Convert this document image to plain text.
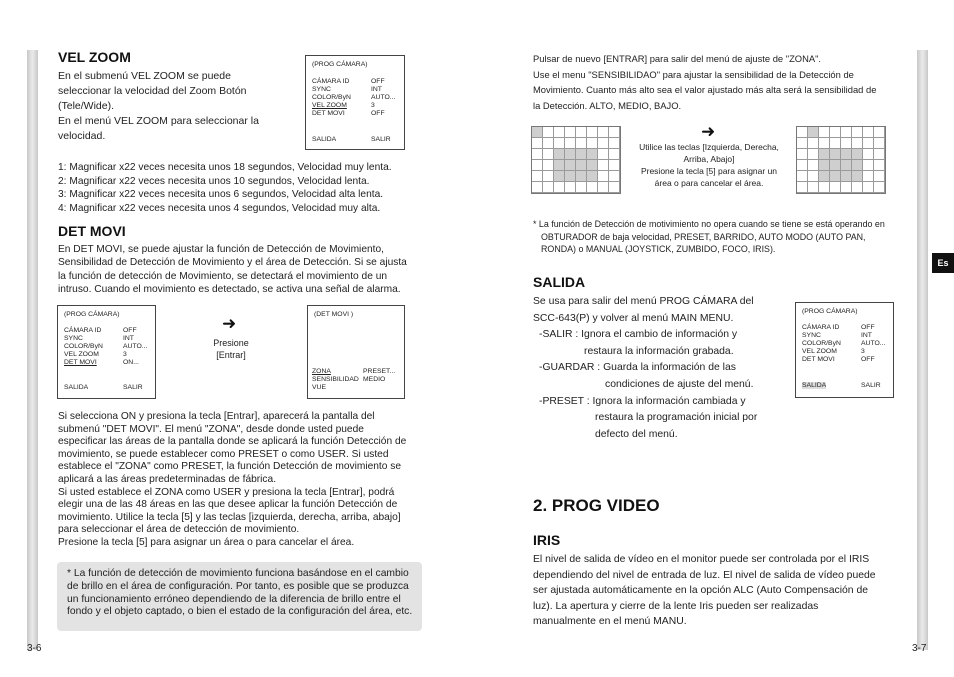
VEL ZOOM

En el submenú VEL ZOOM se puede

seleccionar la velocidad del Zoom Botón

(Tele/Wide).

En el menú VEL ZOOM para seleccionar la

velocidad.

(PROG CÁMARA)
CÁMARA ID	OFF
SYNC	INT
COLOR/ByN	AUTO...
VEL ZOOM	3
DET MOVI	OFF
SALIDA	SALIR

1: Magnificar x22 veces necesita unos 18 segundos, Velocidad muy lenta.

2: Magnificar x22 veces necesita unos 10 segundos, Velocidad lenta.

3: Magnificar x22 veces necesita unos 6 segundos, Velocidad alta lenta.

4: Magnificar x22 veces necesita unos 4 segundos, Velocidad muy alta.

DET MOVI

En DET MOVI, se puede ajustar la función de Detección de Movimiento,

Sensibilidad de Detección de Movimiento y el área de Detección. Si se ajusta

la función de detección de Movimiento, se detectará el movimiento de un

intruso. Cuando el movimiento es detectado, se activa una señal de alarma.

(PROG CÁMARA)
CÁMARA ID	OFF
SYNC	INT
COLOR/ByN	AUTO...
VEL ZOOM	3
DET MOVI	ON...
SALIDA	SALIR
➜
Presione
[Entrar]
(DET MOVI )
ZONA	PRESET...
SENSIBILIDAD MEDIO
VUE

Si selecciona ON y presiona la tecla [Entrar], aparecerá la pantalla del

submenú "DET MOVI". El menú "ZONA", desde donde usted puede

especificar las áreas de la pantalla donde se aplicará la función Detección de

movimiento, se puede establecer como PRESET o como USER. Si usted

establece el "ZONA" como PRESET, la función Detección de movimiento se

aplicará a las áreas predeterminadas de fábrica.

Si usted establece el ZONA como USER y presiona la tecla [Entrar], podrá

elegir una de las 48 áreas en las que desee aplicar la función Detección de

movimiento. Utilice la tecla [5] y las teclas [izquierda, derecha, arriba, abajo]

para seleccionar el área de detección de movimiento.

Presione la tecla [5] para asignar un área o para cancelar el área.

* La función de detección de movimiento funciona basándose en el cambio de brillo en el área de configuración. Por tanto, es posible que se produzca un funcionamiento erróneo dependiendo de la diferencia de brillo entre el fondo y el objeto captado, o bien el estado de la configuración del área, etc.

3-6

Pulsar de nuevo [ENTRAR] para salir del menú de ajuste de "ZONA".

Use el menu "SENSIBILIDAO" para ajustar la sensibilidad de la Detección de

Movimiento. Cuanto más alto sea el valor ajustado más alta será la sensibilidad de

la Detección. ALTO, MEDIO, BAJO.

➜
Utilice las teclas [Izquierda, Derecha,
Arriba, Abajo]
Presione la tecla [5] para asignar un
área o para cancelar el área.

* La función de Detección de motivimiento no opera cuando se tiene se está operando en

OBTURADOR de baja velocidad, PRESET, BARRIDO, AUTO MODO (AUTO PAN,

RONDA) o MANUAL (JOYSTICK, ZUMBIDO, FOCO, IRIS).

SALIDA

Se usa para salir del menú PROG CÁMARA del

SCC-643(P) y volver al menú MAIN MENU.

-SALIR : Ignora el cambio de información y

restaura la información grabada.

-GUARDAR : Guarda la información de las

condiciones de ajuste del menú.

-PRESET : Ignora la información cambiada y

restaura la programación inicial por

defecto del menú.

(PROG CÁMARA)
CÁMARA ID	OFF
SYNC	INT
COLOR/ByN	AUTO...
VEL ZOOM	3
DET MOVI	OFF
SALIDA	SALIR
2. PROG VIDEO
IRIS

El nivel de salida de vídeo en el monitor puede ser controlada por el IRIS

dependiendo del nivel de entrada de luz. El nivel de salida de vídeo puede

ser ajustada automáticamente en la opción ALC (Auto Compensación de

luz). La apertura y cierre de la lente Iris pueden ser realizadas

manualmente en el menú MANU.

Es
3-7
